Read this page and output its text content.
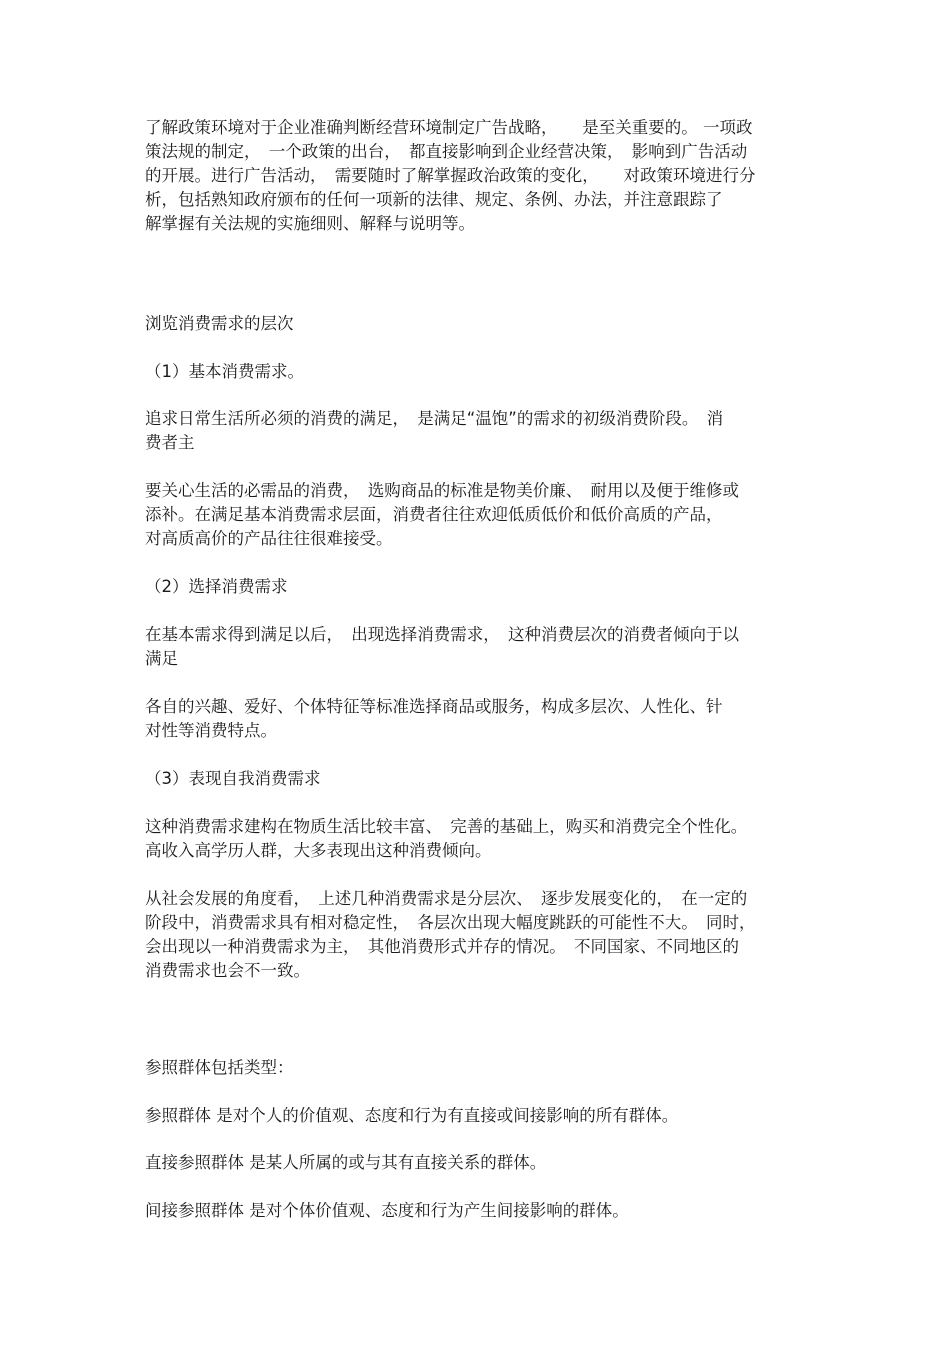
了解政策环境对于企业准确判断经营环境制定广告战略，　　是至关重要的。 一项政

策法规的制定，　一个政策的出台，　都直接影响到企业经营决策，　影响到广告活动

的开展。进行广告活动，　需要随时了解掌握政治政策的变化，　　对政策环境进行分

析，包括熟知政府颁布的任何一项新的法律、规定、条例、办法，并注意跟踪了

解掌握有关法规的实施细则、解释与说明等。

浏览消费需求的层次

（1）基本消费需求。

追求日常生活所必须的消费的满足，　是满足“温饱”的需求的初级消费阶段。　消

费者主

要关心生活的必需品的消费，　选购商品的标准是物美价廉、　耐用以及便于维修或

添补。在满足基本消费需求层面，消费者往往欢迎低质低价和低价高质的产品，

对高质高价的产品往往很难接受。

（2）选择消费需求

在基本需求得到满足以后，　出现选择消费需求，　这种消费层次的消费者倾向于以

满足

各自的兴趣、爱好、个体特征等标准选择商品或服务，构成多层次、人性化、针

对性等消费特点。

（3）表现自我消费需求

这种消费需求建构在物质生活比较丰富、　完善的基础上，购买和消费完全个性化。

高收入高学历人群，大多表现出这种消费倾向。

从社会发展的角度看，　上述几种消费需求是分层次、　逐步发展变化的，　在一定的

阶段中，消费需求具有相对稳定性，　各层次出现大幅度跳跃的可能性不大。　同时，

会出现以一种消费需求为主，　其他消费形式并存的情况。　不同国家、不同地区的

消费需求也会不一致。

参照群体包括类型：

参照群体 是对个人的价值观、态度和行为有直接或间接影响的所有群体。

直接参照群体 是某人所属的或与其有直接关系的群体。

间接参照群体 是对个体价值观、态度和行为产生间接影响的群体。
